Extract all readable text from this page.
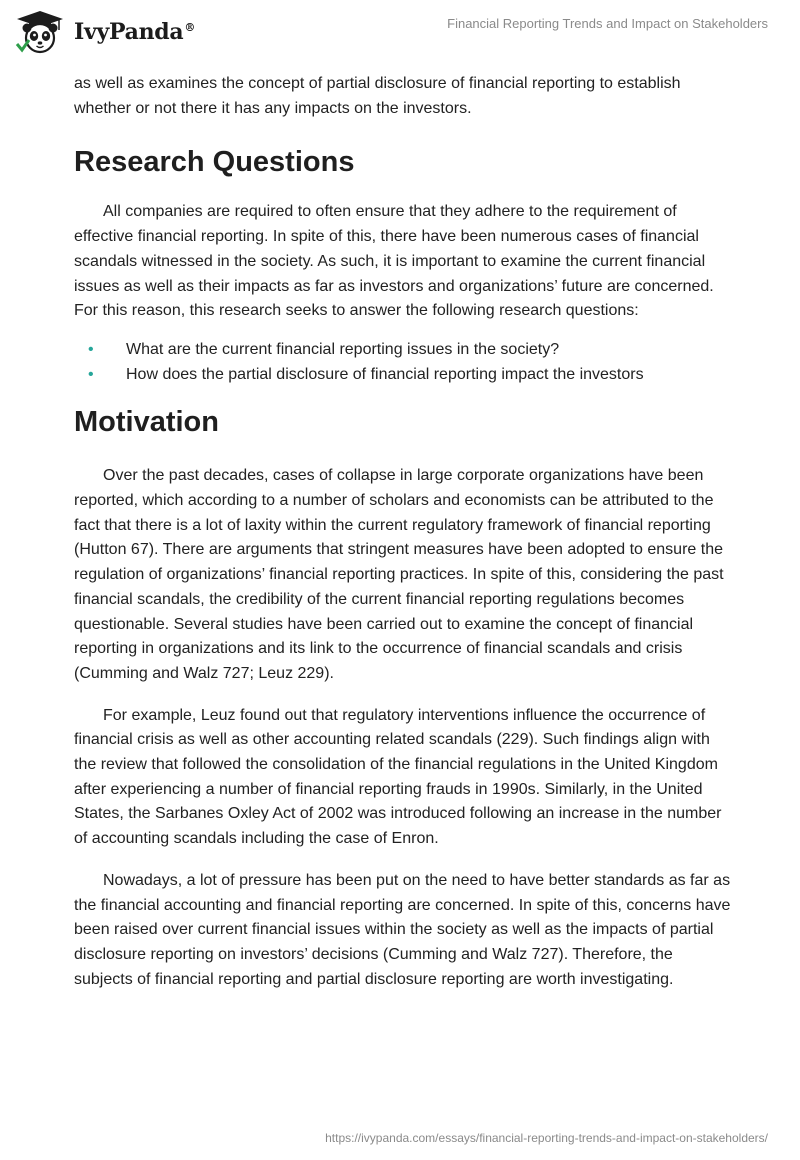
IvyPanda®	Financial Reporting Trends and Impact on Stakeholders

as well as examines the concept of partial disclosure of financial reporting to establish whether or not there it has any impacts on the investors.

Research Questions

All companies are required to often ensure that they adhere to the requirement of effective financial reporting. In spite of this, there have been numerous cases of financial scandals witnessed in the society. As such, it is important to examine the current financial issues as well as their impacts as far as investors and organizations’ future are concerned. For this reason, this research seeks to answer the following research questions:

• What are the current financial reporting issues in the society?
• How does the partial disclosure of financial reporting impact the investors
Motivation

Over the past decades, cases of collapse in large corporate organizations have been reported, which according to a number of scholars and economists can be attributed to the fact that there is a lot of laxity within the current regulatory framework of financial reporting (Hutton 67). There are arguments that stringent measures have been adopted to ensure the regulation of organizations’ financial reporting practices. In spite of this, considering the past financial scandals, the credibility of the current financial reporting regulations becomes questionable. Several studies have been carried out to examine the concept of financial reporting in organizations and its link to the occurrence of financial scandals and crisis (Cumming and Walz 727; Leuz 229).

For example, Leuz found out that regulatory interventions influence the occurrence of financial crisis as well as other accounting related scandals (229). Such findings align with the review that followed the consolidation of the financial regulations in the United Kingdom after experiencing a number of financial reporting frauds in 1990s. Similarly, in the United States, the Sarbanes Oxley Act of 2002 was introduced following an increase in the number of accounting scandals including the case of Enron.

Nowadays, a lot of pressure has been put on the need to have better standards as far as the financial accounting and financial reporting are concerned. In spite of this, concerns have been raised over current financial issues within the society as well as the impacts of partial disclosure reporting on investors’ decisions (Cumming and Walz 727). Therefore, the subjects of financial reporting and partial disclosure reporting are worth investigating.

https://ivypanda.com/essays/financial-reporting-trends-and-impact-on-stakeholders/
